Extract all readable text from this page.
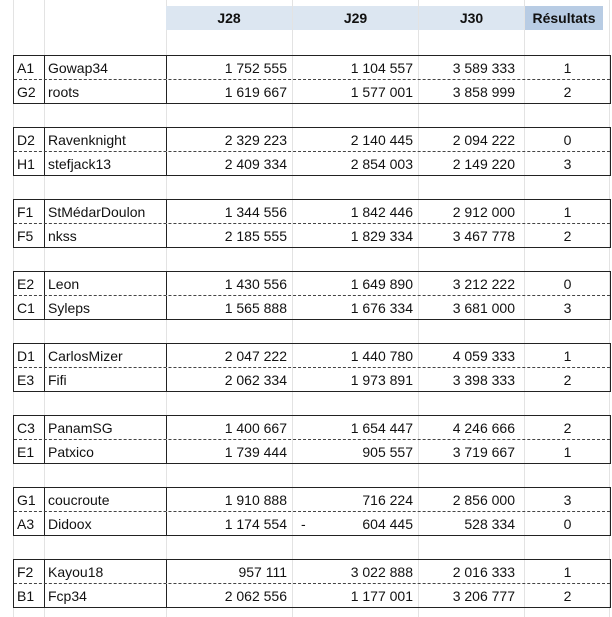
J28	J29	J30	Résultats
A1 Gowap34	1 752 555	1 104 557	3 589 333	1
G2 roots	1 619 667	1 577 001	3 858 999	2
D2 Ravenknight	2 329 223	2 140 445	2 094 222	0
H1 stefjack13	2 409 334	2 854 003	2 149 220	3
F1 StMédarDoulon	1 344 556	1 842 446	2 912 000	1
F5 nkss	2 185 555	1 829 334	3 467 778	2
E2 Leon	1 430 556	1 649 890	3 212 222	0
C1 Syleps	1 565 888	1 676 334	3 681 000	3
D1 CarlosMizer	2 047 222	1 440 780	4 059 333	1
E3 Fifi	2 062 334	1 973 891	3 398 333	2
C3 PanamSG	1 400 667	1 654 447	4 246 666	2
E1 Patxico	1 739 444	905 557	3 719 667	1
G1 coucroute	1 910 888	716 224	2 856 000	3
A3 Didoox	1 174 554 -	604 445	528 334	0
F2 Kayou18	957 111	3 022 888	2 016 333	1
B1 Fcp34	2 062 556	1 177 001	3 206 777	2
